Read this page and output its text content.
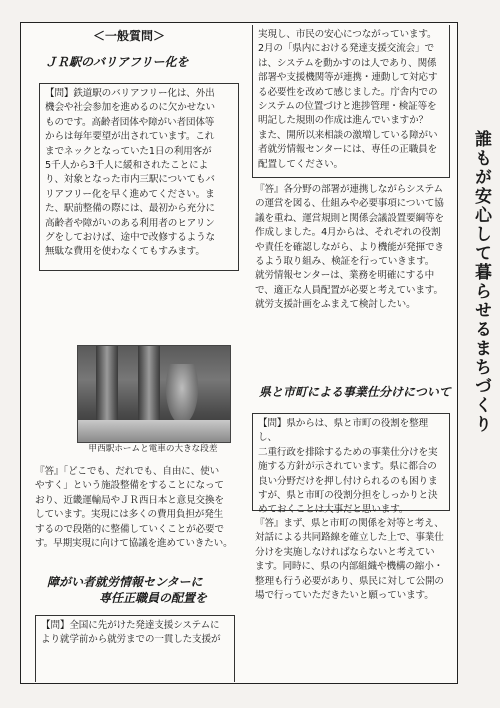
＜一般質問＞
ＪＲ駅のバリアフリー化を

【問】鉄道駅のバリアフリー化は、外出
機会や社会参加を進めるのに欠かせない
ものです。高齢者団体や障がい者団体等
からは毎年要望が出されています。これ
までネックとなっていた1日の利用客が
5千人から3千人に緩和されたことによ
り、対象となった市内三駅についてもバ
リアフリー化を早く進めてください。ま
た、駅前整備の際には、最初から充分に
高齢者や障がいのある利用者のヒアリン
グをしておけば、途中で改修するような
無駄な費用を使わなくてもすみます。

甲西駅ホームと電車の大きな段差

『答』「どこでも、だれでも、自由に、使い
やすく」という施設整備をすることになって
おり、近畿運輸局やＪＲ西日本と意見交換を
しています。実現には多くの費用負担が発生
するので段階的に整備していくことが必要で
す。早期実現に向けて協議を進めていきたい。

障がい者就労情報センターに
専任正職員の配置を

【問】全国に先がけた発達支援システムに
より就学前から就労までの一貫した支援が

実現し、市民の安心につながっています。
2月の「県内における発達支援交流会」で
は、システムを動かすのは人であり、関係
部署や支援機関等が連携・連動して対応す
る必要性を改めて感じました。庁舎内での
システムの位置づけと進捗管理・検証等を
明記した規則の作成は進んでいますか？
また、開所以来相談の激増している障がい
者就労情報センターには、専任の正職員を
配置してください。

『答』各分野の部署が連携しながらシステム
の運営を図る、仕組みや必要事項について協
議を重ね、運営規則と関係会議設置要綱等を
作成しました。4月からは、それぞれの役割
や責任を確認しながら、より機能が発揮でき
るよう取り組み、検証を行っていきます。
就労情報センターは、業務を明確にする中
で、適正な人員配置が必要と考えています。
就労支援計画をふまえて検討したい。

県と市町による事業仕分けについて

【問】県からは、県と市町の役割を整理し、
二重行政を排除するための事業仕分けを実
施する方針が示されています。県に都合の
良い分野だけを押し付けられるのも困りま
すが、県と市町の役割分担をしっかりと決
めておくことは大事だと思います。

『答』まず、県と市町の関係を対等と考え、
対話による共同路線を確立した上で、事業仕
分けを実施しなければならないと考えてい
ます。同時に、県の内部組織や機構の縮小・
整理も行う必要があり、県民に対して公開の
場で行っていただきたいと願っています。

誰もが安心して暮らせるまちづくり
